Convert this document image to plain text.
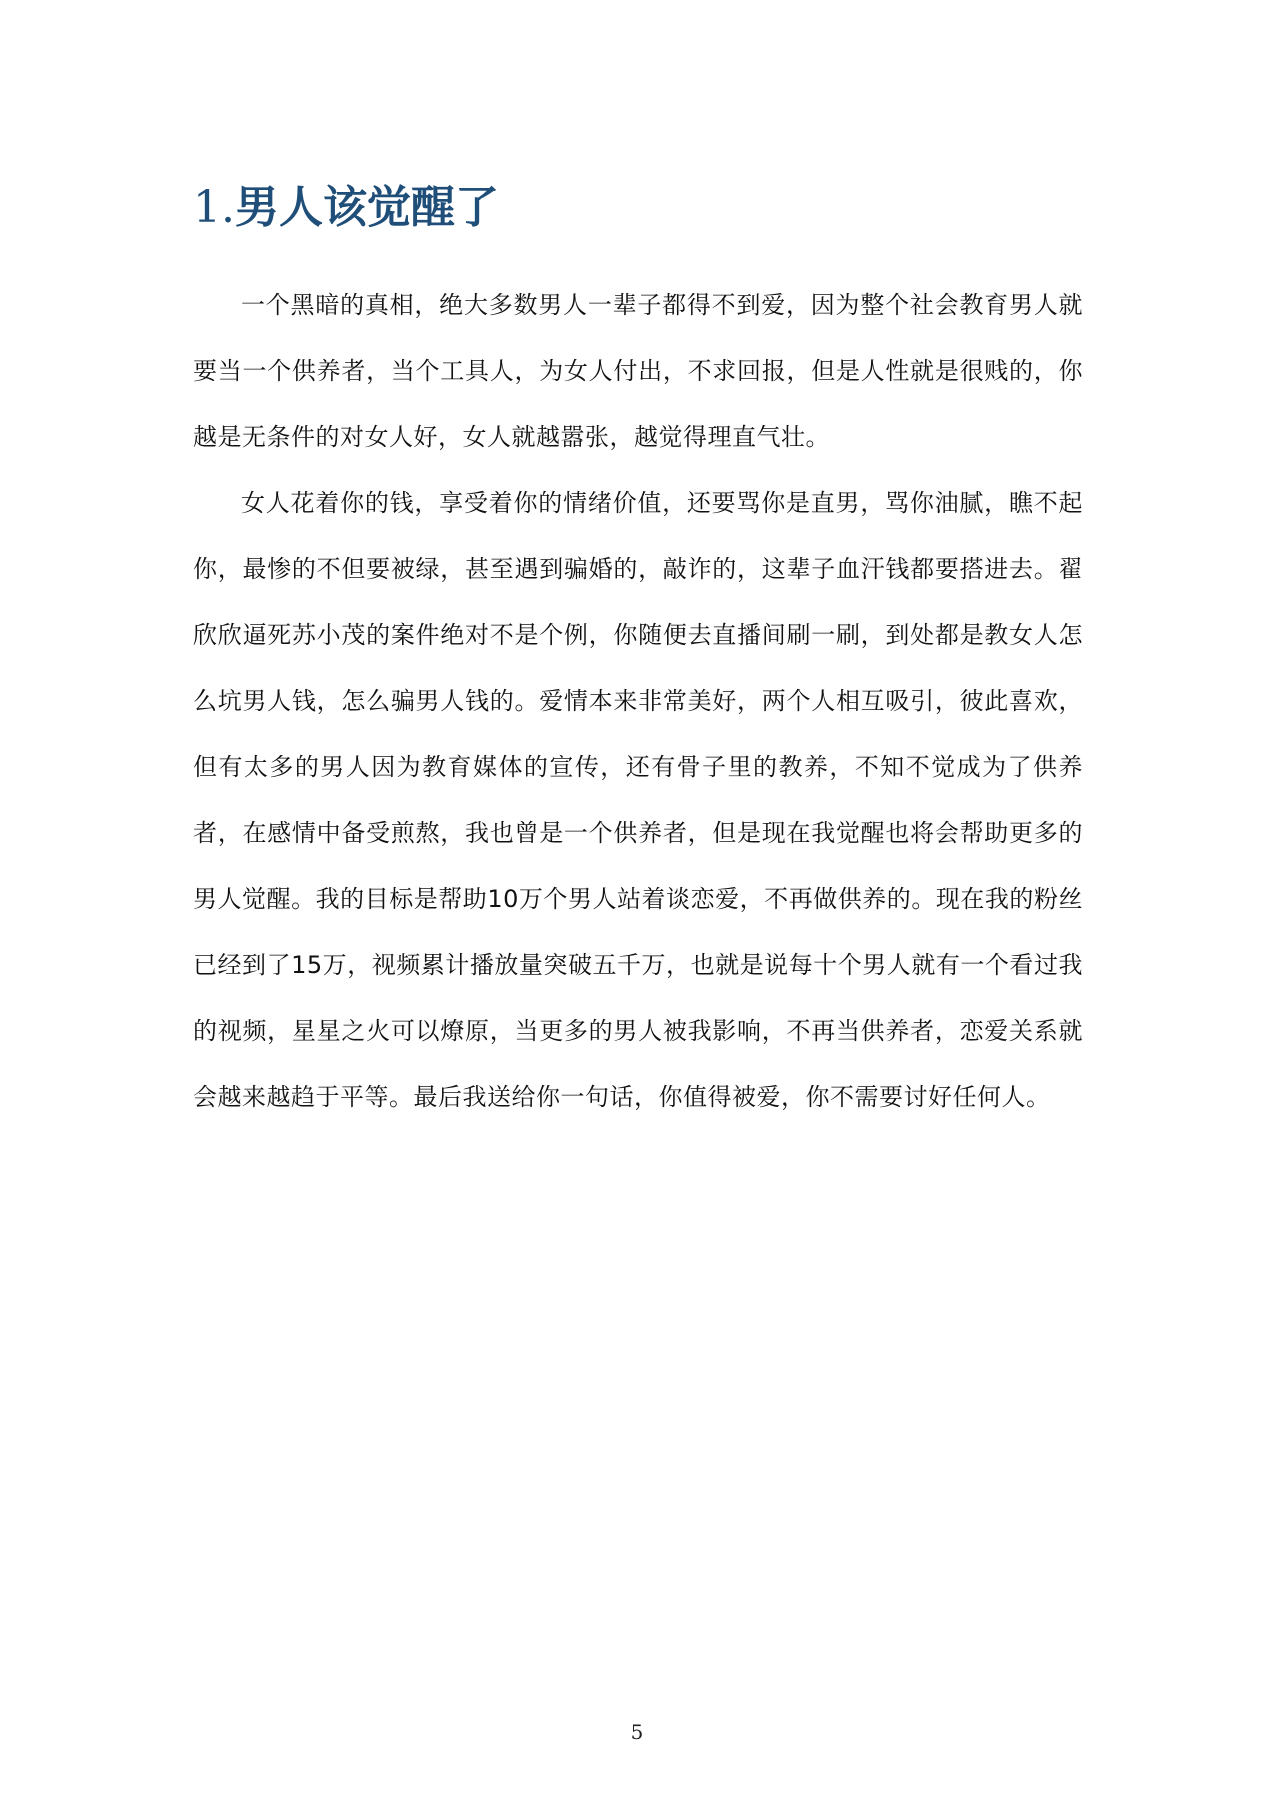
1.男人该觉醒了

一个黑暗的真相，绝大多数男人一辈子都得不到爱，因为整个社会教育男人就要当一个供养者，当个工具人，为女人付出，不求回报，但是人性就是很贱的，你越是无条件的对女人好，女人就越嚣张，越觉得理直气壮。

女人花着你的钱，享受着你的情绪价值，还要骂你是直男，骂你油腻，瞧不起你，最惨的不但要被绿，甚至遇到骗婚的，敲诈的，这辈子血汗钱都要搭进去。翟欣欣逼死苏小茂的案件绝对不是个例，你随便去直播间刷一刷，到处都是教女人怎么坑男人钱，怎么骗男人钱的。爱情本来非常美好，两个人相互吸引，彼此喜欢，但有太多的男人因为教育媒体的宣传，还有骨子里的教养，不知不觉成为了供养者，在感情中备受煎熬，我也曾是一个供养者，但是现在我觉醒也将会帮助更多的男人觉醒。我的目标是帮助10万个男人站着谈恋爱，不再做供养的。现在我的粉丝已经到了15万，视频累计播放量突破五千万，也就是说每十个男人就有一个看过我的视频，星星之火可以燎原，当更多的男人被我影响，不再当供养者，恋爱关系就会越来越趋于平等。最后我送给你一句话，你值得被爱，你不需要讨好任何人。

5
